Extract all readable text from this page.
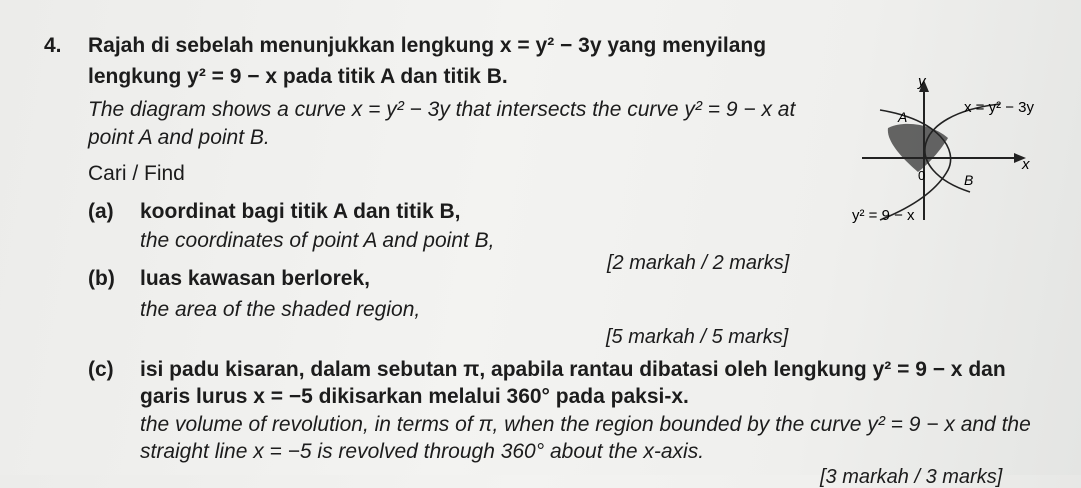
4. Rajah di sebelah menunjukkan lengkung x = y² − 3y yang menyilang
lengkung y² = 9 − x pada titik A dan titik B.
The diagram shows a curve x = y² − 3y that intersects the curve y² = 9 − x at
point A and point B.
Cari / Find
(a) koordinat bagi titik A dan titik B,
the coordinates of point A and point B,
[2 markah / 2 marks]
(b) luas kawasan berlorek,
the area of the shaded region,
[5 markah / 5 marks]
(c) isi padu kisaran, dalam sebutan π, apabila rantau dibatasi oleh lengkung y² = 9 − x dan
garis lurus x = −5 dikisarkan melalui 360° pada paksi-x.
the volume of revolution, in terms of π, when the region bounded by the curve y² = 9 − x and the
straight line x = −5 is revolved through 360° about the x-axis.
[3 markah / 3 marks]
y
x
0
A
B
x = y² − 3y
y² = 9 − x
